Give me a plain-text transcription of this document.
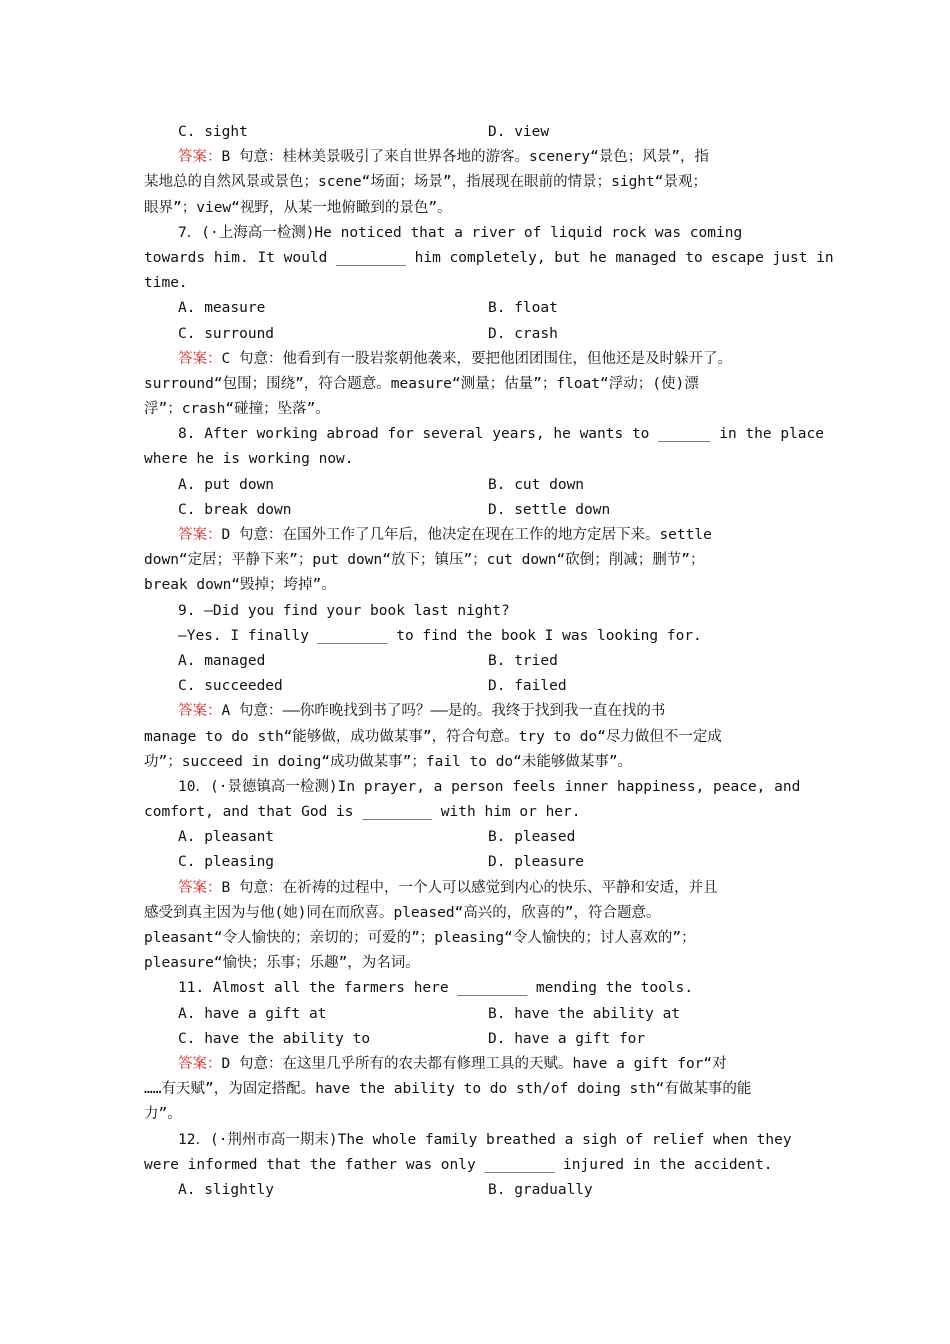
C. sight	D. view
答案：B 句意：桂林美景吸引了来自世界各地的游客。scenery“景色；风景”，指
某地总的自然风景或景色；scene“场面；场景”，指展现在眼前的情景；sight“景观；
眼界”；view“视野，从某一地俯瞰到的景色”。
7．(·上海高一检测)He noticed that a river of liquid rock was coming
towards him. It would ________ him completely, but he managed to escape just in
time.
A. measure	B. float
C. surround	D. crash
答案：C 句意：他看到有一股岩浆朝他袭来，要把他团团围住，但他还是及时躲开了。
surround“包围；围绕”，符合题意。measure“测量；估量”；float“浮动；(使)漂
浮”；crash“碰撞；坠落”。
8. After working abroad for several years, he wants to ______ in the place
where he is working now.
A. put down	B. cut down
C. break down	D. settle down
答案：D 句意：在国外工作了几年后，他决定在现在工作的地方定居下来。settle
down“定居；平静下来”；put down“放下；镇压”；cut down“砍倒；削减；删节”；
break down“毁掉；垮掉”。
9. —Did you find your book last night?
—Yes. I finally ________ to find the book I was looking for.
A. managed	B. tried
C. succeeded	D. failed
答案：A 句意：——你昨晚找到书了吗？——是的。我终于找到我一直在找的书
manage to do sth“能够做，成功做某事”，符合句意。try to do“尽力做但不一定成
功”；succeed in doing“成功做某事”；fail to do“未能够做某事”。
10．(·景德镇高一检测)In prayer, a person feels inner happiness, peace, and
comfort, and that God is ________ with him or her.
A. pleasant	B. pleased
C. pleasing	D. pleasure
答案：B 句意：在祈祷的过程中，一个人可以感觉到内心的快乐、平静和安适，并且
感受到真主因为与他(她)同在而欣喜。pleased“高兴的，欣喜的”，符合题意。
pleasant“令人愉快的；亲切的；可爱的”；pleasing“令人愉快的；讨人喜欢的”；
pleasure“愉快；乐事；乐趣”，为名词。
11. Almost all the farmers here ________ mending the tools.
A. have a gift at	B. have the ability at
C. have the ability to	D. have a gift for
答案：D 句意：在这里几乎所有的农夫都有修理工具的天赋。have a gift for“对
……有天赋”，为固定搭配。have the ability to do sth/of doing sth“有做某事的能
力”。
12．(·荆州市高一期末)The whole family breathed a sigh of relief when they
were informed that the father was only ________ injured in the accident.
A. slightly	B. gradually
